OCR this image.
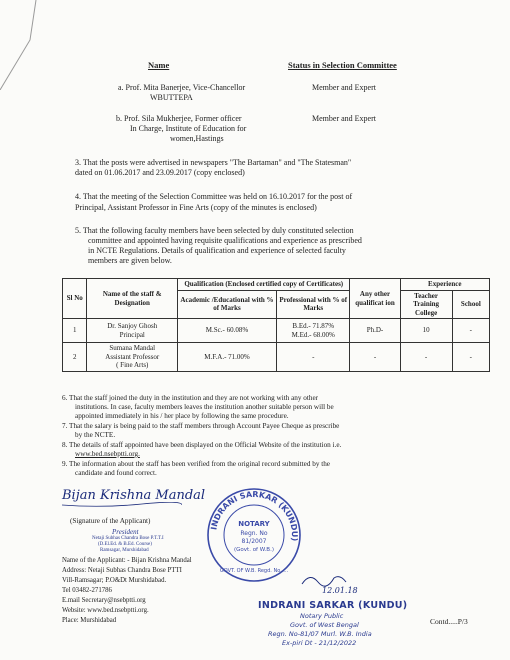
Name	Status in Selection Committee
a. Prof. Mita Banerjee, Vice-Chancellor
WBUTTEPA
Member and Expert
b. Prof. Sila Mukherjee, Former officer
In Charge, Institute of Education for
women,Hastings
Member and Expert
3. That the posts were advertised in newspapers "The Bartaman" and "The Statesman"
dated on 01.06.2017 and 23.09.2017 (copy enclosed)
4. That the meeting of the Selection Committee was held on 16.10.2017 for the post of
Principal, Assistant Professor in Fine Arts (copy of the minutes is enclosed)
5. That the following faculty members have been selected by duly constituted selection
committee and appointed having requisite qualifications and experience as prescribed
in NCTE Regulations. Details of qualification and experience of selected faculty
members are given below.
Sl No	Name of the staff & Designation	Qualification (Enclosed certified copy of Certificates)		Any other qualificat ion	Experience	
		Academic /Educational with % of Marks	Professional with % of Marks		Teacher Training College	School
1	Dr. Sanjoy Ghosh
Principal	M.Sc.- 60.08%	B.Ed.- 71.87%
M.Ed.- 68.00%	Ph.D-	10	-
2	Sumana Mandal
Assistant Professor
( Fine Arts)	M.F.A.- 71.00%	-	-	-	-
6. That the staff joined the duty in the institution and they are not working with any other
institutions. In case, faculty members leaves the institution another suitable person will be
appointed immediately in his / her place by following the same procedure.
7. That the salary is being paid to the staff members through Account Payee Cheque as prescribe
by the NCTE.
8. The details of staff appointed have been displayed on the Official Website of the institution i.e.
www.bed.nsebptti.org.
9. The information about the staff has been verified from the original record submitted by the
candidate and found correct.
Bijan Krishna Mandal
(Signature of the Applicant)
President
Netaji Subhas Chandra Bose P.T.T.I
(D.El.Ed. & B.Ed. Course)
Ramsagar, Murshidabad
Name of the Applicant: - Bijan Krishna Mandal
Address: Netaji Subhas Chandra Bose PTTI
Vill-Ramsagar; P.O&Dt Murshidabad.
Tel 03482-271786
E.mail Secretary@nsebptti.org
Website: www.bed.nsebptti.org.
Place: Murshidabad
INDRANI SARKAR (KUNDU)
NOTARY
Regn. No
81/2007
(Govt. of W.B.)
GOVT. OF W.B. Regd. No. ...
12.01.18
INDRANI SARKAR (KUNDU)
Notary Public
Govt. of West Bengal
Regn. No-81/07 Murl. W.B. India
Ex-piri Dt - 21/12/2022
Contd.....P/3
